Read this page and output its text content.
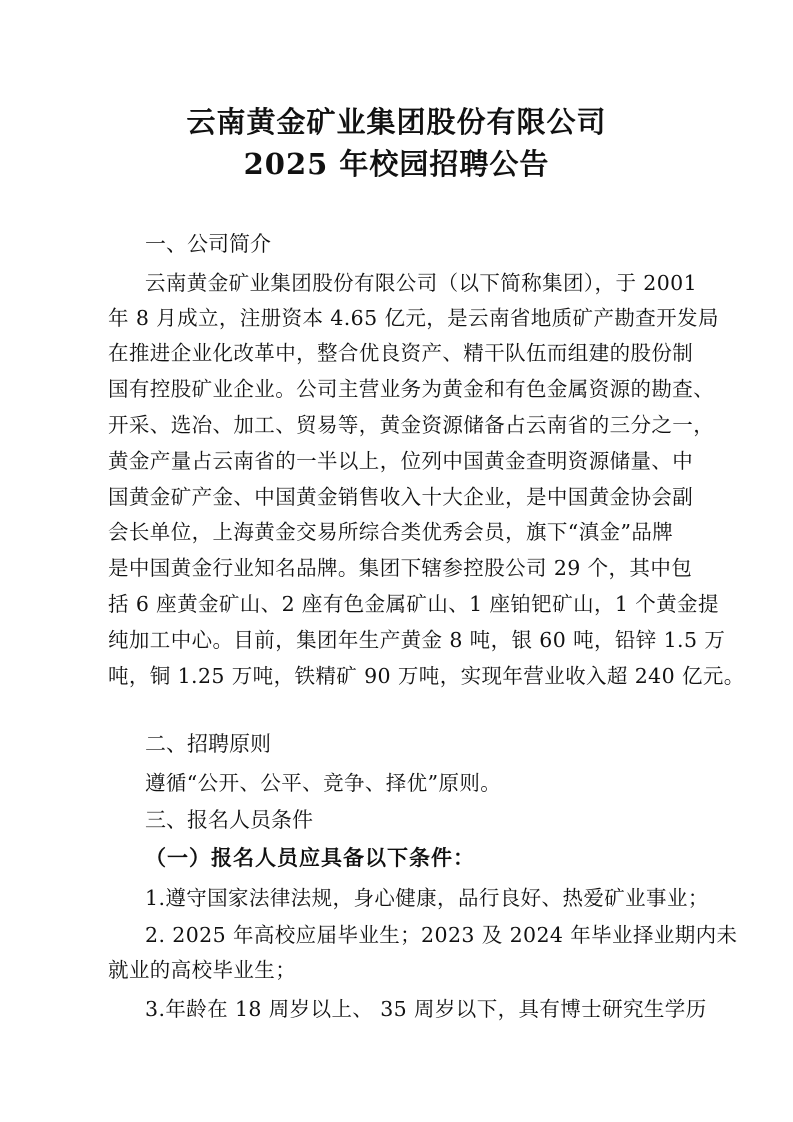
云南黄金矿业集团股份有限公司
2025 年校园招聘公告
一、公司简介
云南黄金矿业集团股份有限公司（以下简称集团），于 2001
年 8 月成立，注册资本 4.65 亿元，是云南省地质矿产勘查开发局
在推进企业化改革中，整合优良资产、精干队伍而组建的股份制
国有控股矿业企业。公司主营业务为黄金和有色金属资源的勘查、
开采、选冶、加工、贸易等，黄金资源储备占云南省的三分之一，
黄金产量占云南省的一半以上，位列中国黄金查明资源储量、中
国黄金矿产金、中国黄金销售收入十大企业，是中国黄金协会副
会长单位，上海黄金交易所综合类优秀会员，旗下“滇金”品牌
是中国黄金行业知名品牌。集团下辖参控股公司 29 个，其中包
括 6 座黄金矿山、2 座有色金属矿山、1 座铂钯矿山，1 个黄金提
纯加工中心。目前，集团年生产黄金 8 吨，银 60 吨，铅锌 1.5 万
吨，铜 1.25 万吨，铁精矿 90 万吨，实现年营业收入超 240 亿元。
二、招聘原则
遵循“公开、公平、竞争、择优”原则。
三、报名人员条件
（一）报名人员应具备以下条件：
1.遵守国家法律法规，身心健康，品行良好、热爱矿业事业；
2. 2025 年高校应届毕业生；2023 及 2024 年毕业择业期内未
就业的高校毕业生；
3.年龄在 18 周岁以上、 35 周岁以下，具有博士研究生学历
